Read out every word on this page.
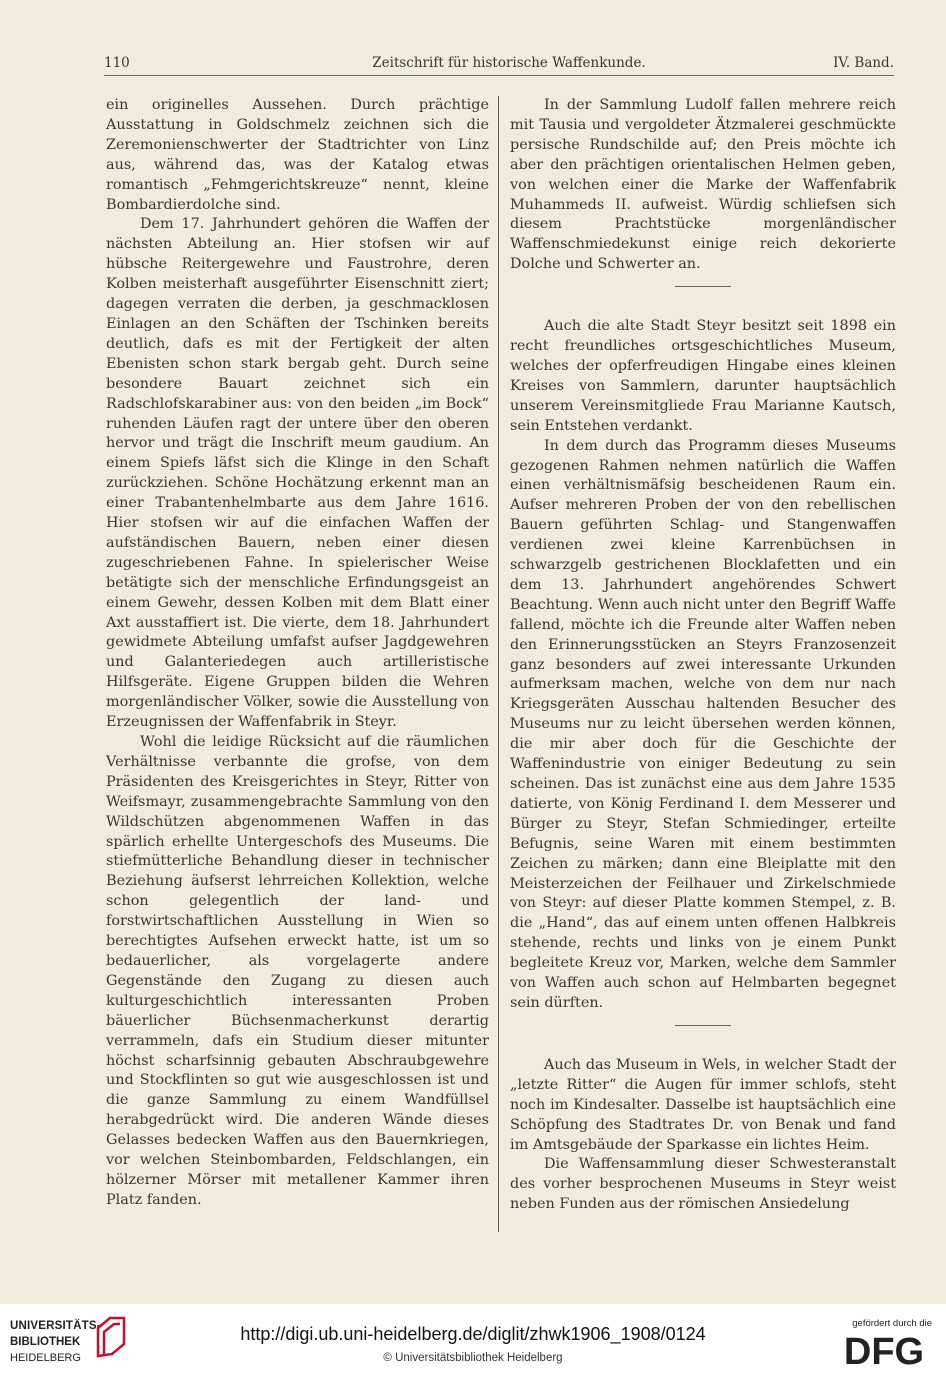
110	Zeitschrift für historische Waffenkunde.	IV. Band.

ein originelles Aussehen. Durch prächtige Ausstattung in Goldschmelz zeichnen sich die Zeremonienschwerter der Stadtrichter von Linz aus, während das, was der Katalog etwas romantisch „Fehmgerichtskreuze“ nennt, kleine Bombardierdolche sind.

Dem 17. Jahrhundert gehören die Waffen der nächsten Abteilung an. Hier stofsen wir auf hübsche Reitergewehre und Faustrohre, deren Kolben meisterhaft ausgeführter Eisenschnitt ziert; dagegen verraten die derben, ja geschmacklosen Einlagen an den Schäften der Tschinken bereits deutlich, dafs es mit der Fertigkeit der alten Ebenisten schon stark bergab geht. Durch seine besondere Bauart zeichnet sich ein Radschlofskarabiner aus: von den beiden „im Bock“ ruhenden Läufen ragt der untere über den oberen hervor und trägt die Inschrift meum gaudium. An einem Spiefs läfst sich die Klinge in den Schaft zurückziehen. Schöne Hochätzung erkennt man an einer Trabantenhelmbarte aus dem Jahre 1616. Hier stofsen wir auf die einfachen Waffen der aufständischen Bauern, neben einer diesen zugeschriebenen Fahne. In spielerischer Weise betätigte sich der menschliche Erfindungsgeist an einem Gewehr, dessen Kolben mit dem Blatt einer Axt ausstaffiert ist. Die vierte, dem 18. Jahrhundert gewidmete Abteilung umfafst aufser Jagdgewehren und Galanteriedegen auch artilleristische Hilfsgeräte. Eigene Gruppen bilden die Wehren morgenländischer Völker, sowie die Ausstellung von Erzeugnissen der Waffenfabrik in Steyr.

Wohl die leidige Rücksicht auf die räumlichen Verhältnisse verbannte die grofse, von dem Präsidenten des Kreisgerichtes in Steyr, Ritter von Weifsmayr, zusammengebrachte Sammlung von den Wildschützen abgenommenen Waffen in das spärlich erhellte Untergeschofs des Museums. Die stiefmütterliche Behandlung dieser in technischer Beziehung äufserst lehrreichen Kollektion, welche schon gelegentlich der land- und forstwirtschaftlichen Ausstellung in Wien so berechtigtes Aufsehen erweckt hatte, ist um so bedauerlicher, als vorgelagerte andere Gegenstände den Zugang zu diesen auch kulturgeschichtlich interessanten Proben bäuerlicher Büchsenmacherkunst derartig verrammeln, dafs ein Studium dieser mitunter höchst scharfsinnig gebauten Abschraubgewehre und Stockflinten so gut wie ausgeschlossen ist und die ganze Sammlung zu einem Wandfüllsel herabgedrückt wird. Die anderen Wände dieses Gelasses bedecken Waffen aus den Bauernkriegen, vor welchen Steinbombarden, Feldschlangen, ein hölzerner Mörser mit metallener Kammer ihren Platz fanden.

In der Sammlung Ludolf fallen mehrere reich mit Tausia und vergoldeter Ätzmalerei geschmückte persische Rundschilde auf; den Preis möchte ich aber den prächtigen orientalischen Helmen geben, von welchen einer die Marke der Waffenfabrik Muhammeds II. aufweist. Würdig schliefsen sich diesem Prachtstücke morgenländischer Waffenschmiedekunst einige reich dekorierte Dolche und Schwerter an.

Auch die alte Stadt Steyr besitzt seit 1898 ein recht freundliches ortsgeschichtliches Museum, welches der opferfreudigen Hingabe eines kleinen Kreises von Sammlern, darunter hauptsächlich unserem Vereinsmitgliede Frau Marianne Kautsch, sein Entstehen verdankt.

In dem durch das Programm dieses Museums gezogenen Rahmen nehmen natürlich die Waffen einen verhältnismäfsig bescheidenen Raum ein. Aufser mehreren Proben der von den rebellischen Bauern geführten Schlag- und Stangenwaffen verdienen zwei kleine Karrenbüchsen in schwarzgelb gestrichenen Blocklafetten und ein dem 13. Jahrhundert angehörendes Schwert Beachtung. Wenn auch nicht unter den Begriff Waffe fallend, möchte ich die Freunde alter Waffen neben den Erinnerungsstücken an Steyrs Franzosenzeit ganz besonders auf zwei interessante Urkunden aufmerksam machen, welche von dem nur nach Kriegsgeräten Ausschau haltenden Besucher des Museums nur zu leicht übersehen werden können, die mir aber doch für die Geschichte der Waffenindustrie von einiger Bedeutung zu sein scheinen. Das ist zunächst eine aus dem Jahre 1535 datierte, von König Ferdinand I. dem Messerer und Bürger zu Steyr, Stefan Schmiedinger, erteilte Befugnis, seine Waren mit einem bestimmten Zeichen zu märken; dann eine Bleiplatte mit den Meisterzeichen der Feilhauer und Zirkelschmiede von Steyr: auf dieser Platte kommen Stempel, z. B. die „Hand“, das auf einem unten offenen Halbkreis stehende, rechts und links von je einem Punkt begleitete Kreuz vor, Marken, welche dem Sammler von Waffen auch schon auf Helmbarten begegnet sein dürften.

Auch das Museum in Wels, in welcher Stadt der „letzte Ritter“ die Augen für immer schlofs, steht noch im Kindesalter. Dasselbe ist hauptsächlich eine Schöpfung des Stadtrates Dr. von Benak und fand im Amtsgebäude der Sparkasse ein lichtes Heim.

Die Waffensammlung dieser Schwesteranstalt des vorher besprochenen Museums in Steyr weist neben Funden aus der römischen Ansiedelung

UNIVERSITÄTS-
BIBLIOTHEK
HEIDELBERG
http://digi.ub.uni-heidelberg.de/diglit/zhwk1906_1908/0124
© Universitätsbibliothek Heidelberg
gefördert durch die
DFG
